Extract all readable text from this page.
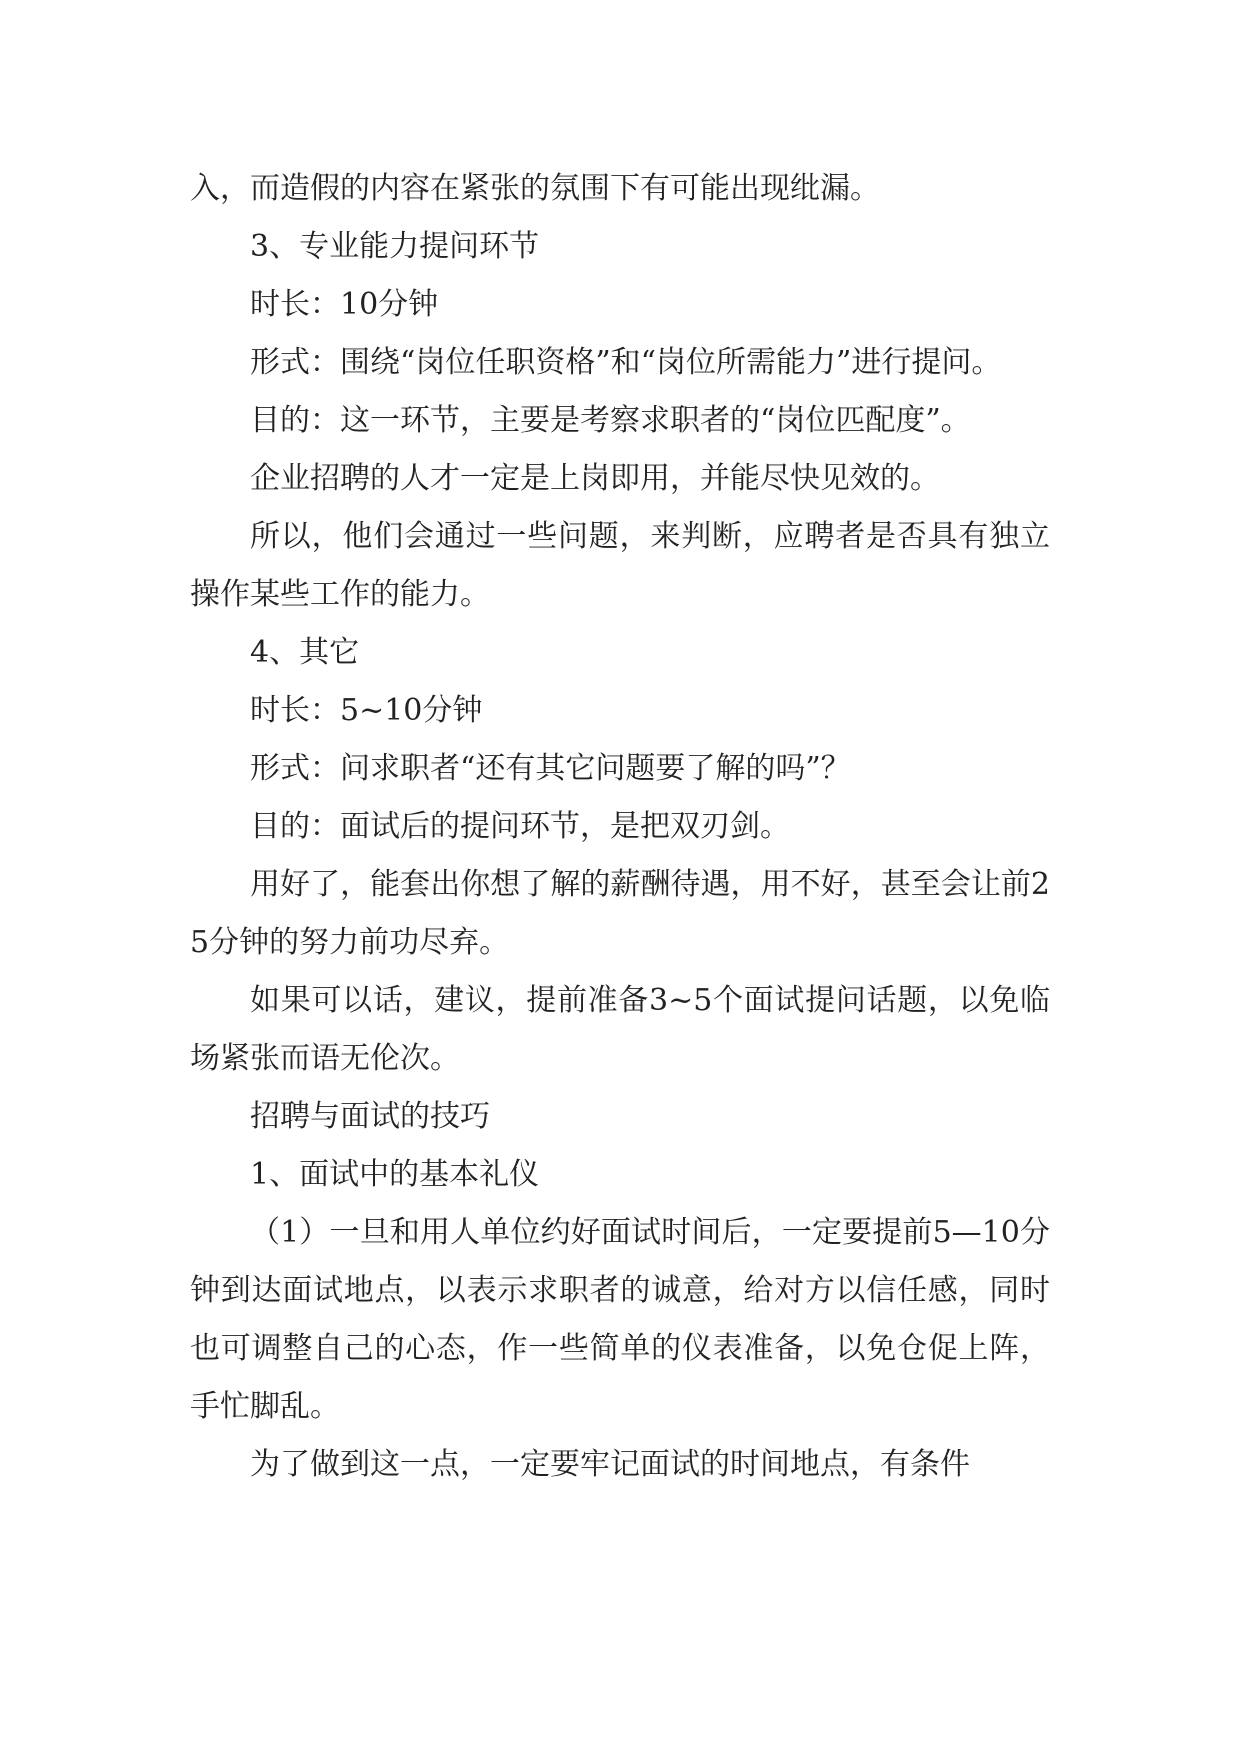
入，而造假的内容在紧张的氛围下有可能出现纰漏。

3、专业能力提问环节

时长：10分钟

形式：围绕“岗位任职资格”和“岗位所需能力”进行提问。

目的：这一环节，主要是考察求职者的“岗位匹配度”。

企业招聘的人才一定是上岗即用，并能尽快见效的。

所以，他们会通过一些问题，来判断，应聘者是否具有独立操作某些工作的能力。

4、其它

时长：5~10分钟

形式：问求职者“还有其它问题要了解的吗”？

目的：面试后的提问环节，是把双刃剑。

用好了，能套出你想了解的薪酬待遇，用不好，甚至会让前25分钟的努力前功尽弃。

如果可以话，建议，提前准备3~5个面试提问话题，以免临场紧张而语无伦次。

招聘与面试的技巧

1、面试中的基本礼仪

（1）一旦和用人单位约好面试时间后，一定要提前5—10分钟到达面试地点，以表示求职者的诚意，给对方以信任感，同时也可调整自己的心态，作一些简单的仪表准备，以免仓促上阵，手忙脚乱。

为了做到这一点，一定要牢记面试的时间地点，有条件
